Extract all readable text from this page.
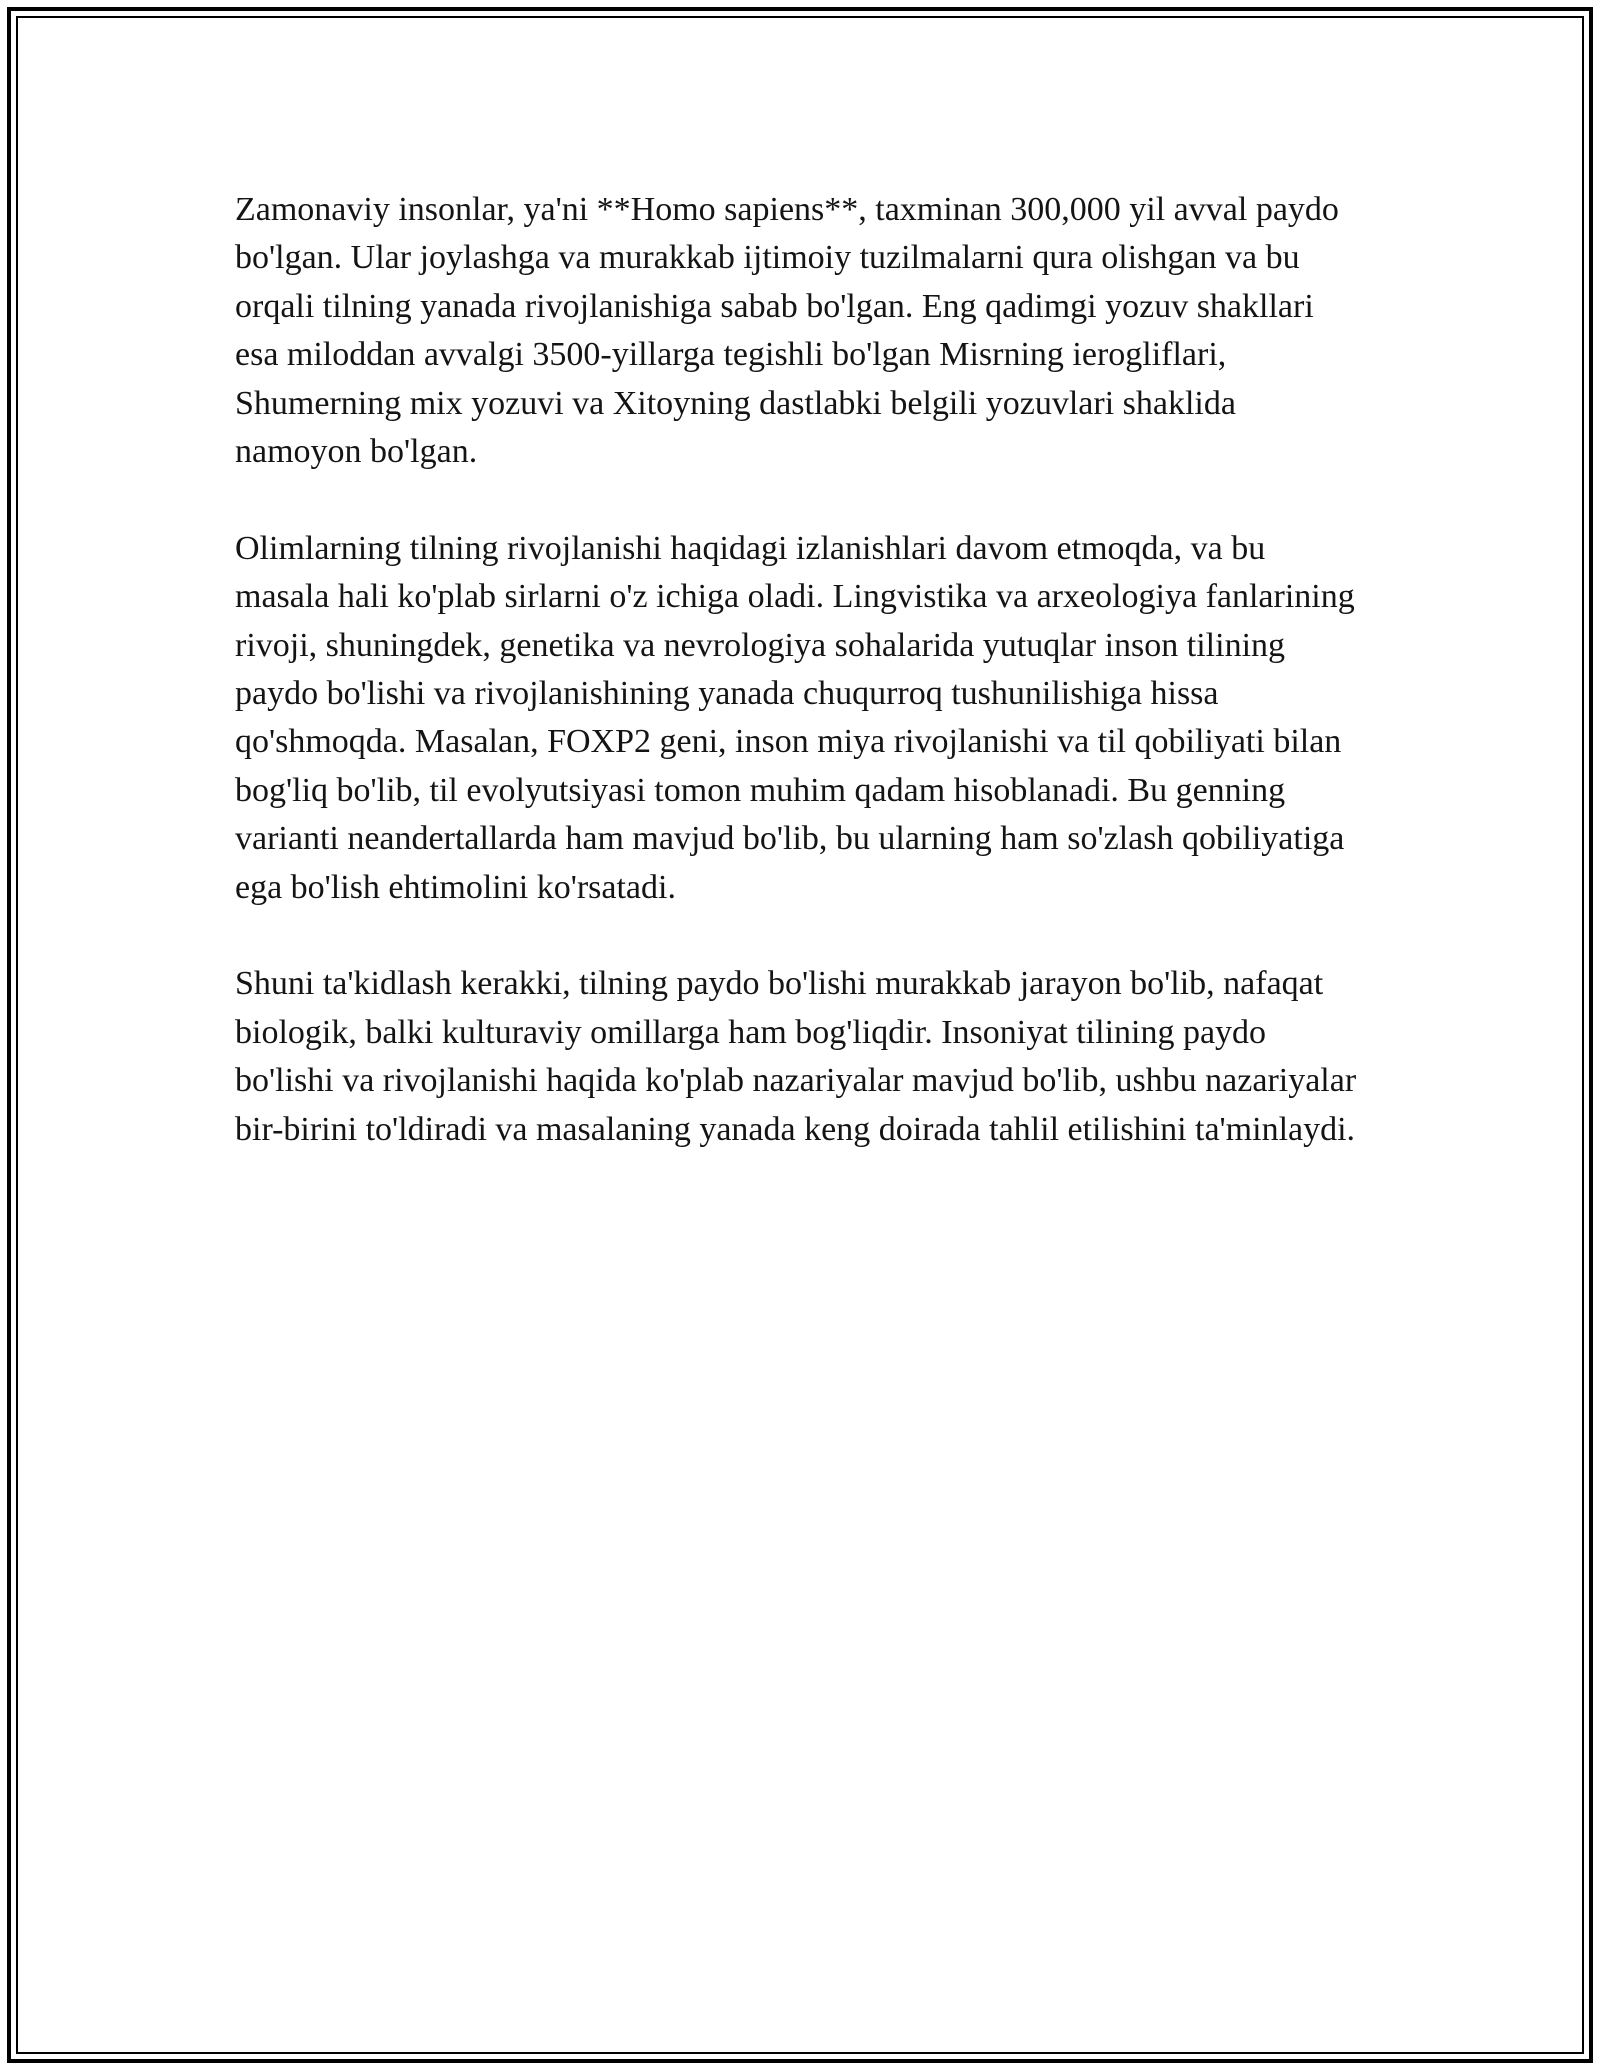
Zamonaviy insonlar, ya'ni **Homo sapiens**, taxminan 300,000 yil avval paydo bo'lgan. Ular joylashga va murakkab ijtimoiy tuzilmalarni qura olishgan va bu orqali tilning yanada rivojlanishiga sabab bo'lgan. Eng qadimgi yozuv shakllari esa miloddan avvalgi 3500-yillarga tegishli bo'lgan Misrning ierogliflari, Shumerning mix yozuvi va Xitoyning dastlabki belgili yozuvlari shaklida namoyon bo'lgan.

Olimlarning tilning rivojlanishi haqidagi izlanishlari davom etmoqda, va bu masala hali ko'plab sirlarni o'z ichiga oladi. Lingvistika va arxeologiya fanlarining rivoji, shuningdek, genetika va nevrologiya sohalarida yutuqlar inson tilining paydo bo'lishi va rivojlanishining yanada chuqurroq tushunilishiga hissa qo'shmoqda. Masalan, FOXP2 geni, inson miya rivojlanishi va til qobiliyati bilan bog'liq bo'lib, til evolyutsiyasi tomon muhim qadam hisoblanadi. Bu genning varianti neandertallarda ham mavjud bo'lib, bu ularning ham so'zlash qobiliyatiga ega bo'lish ehtimolini ko'rsatadi.

Shuni ta'kidlash kerakki, tilning paydo bo'lishi murakkab jarayon bo'lib, nafaqat biologik, balki kulturaviy omillarga ham bog'liqdir. Insoniyat tilining paydo bo'lishi va rivojlanishi haqida ko'plab nazariyalar mavjud bo'lib, ushbu nazariyalar bir-birini to'ldiradi va masalaning yanada keng doirada tahlil etilishini ta'minlaydi.
